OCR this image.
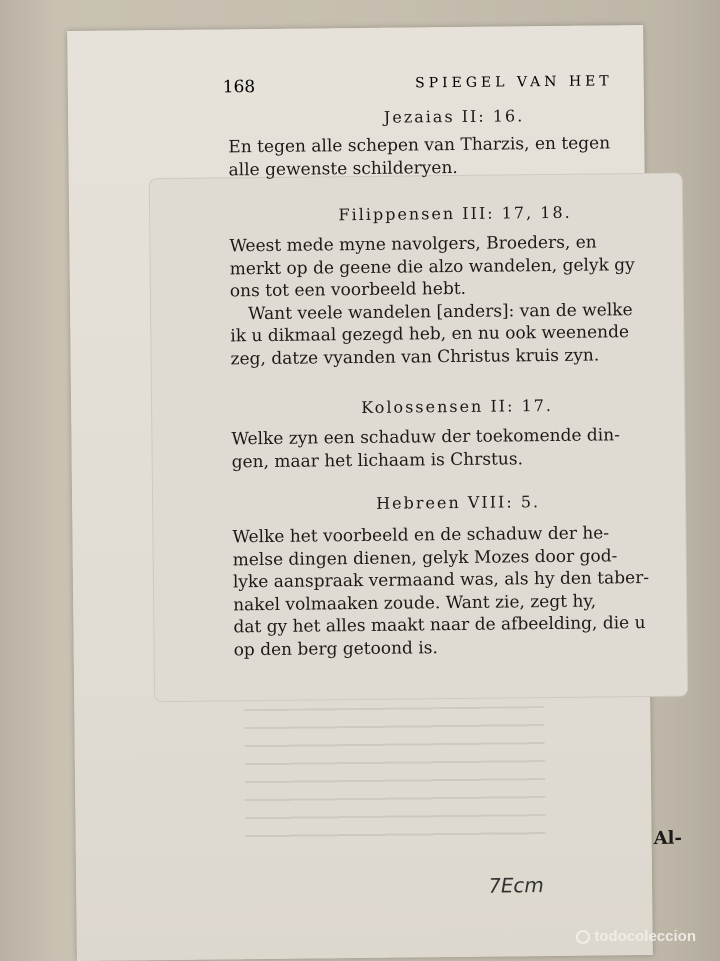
168	SPIEGEL VAN HET

Jezaias II: 16.

En tegen alle schepen van Tharzis, en tegen

alle gewenste schilderyen.

Filippensen III: 17, 18.

Weest mede myne navolgers, Broeders, en

merkt op de geene die alzo wandelen, gelyk gy

ons tot een voorbeeld hebt.

Want veele wandelen [anders]: van de welke

ik u dikmaal gezegd heb, en nu ook weenende

zeg, datze vyanden van Christus kruis zyn.

Kolossensen II: 17.

Welke zyn een schaduw der toekomende din-

gen, maar het lichaam is Chrstus.

Hebreen VIII: 5.

Welke het voorbeeld en de schaduw der he-

melse dingen dienen, gelyk Mozes door god-

lyke aanspraak vermaand was, als hy den taber-

nakel volmaaken zoude. Want zie, zegt hy,

dat gy het alles maakt naar de afbeelding, die u

op den berg getoond is.

Al-
7Ecm
todocoleccion
